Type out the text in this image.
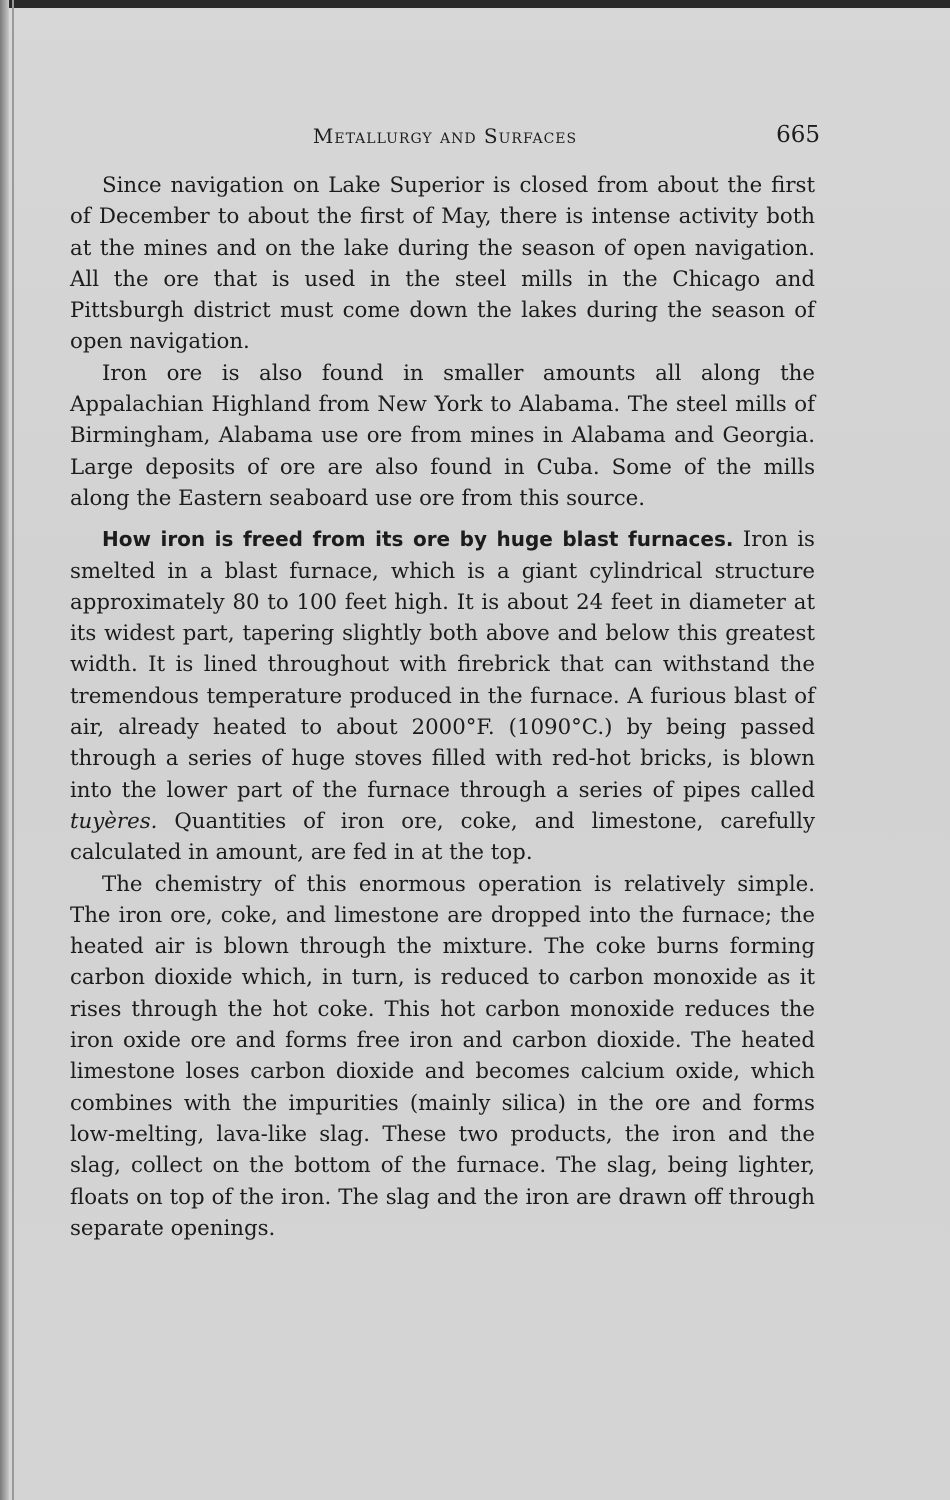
Metallurgy and Surfaces	665

Since navigation on Lake Superior is closed from about the first of December to about the first of May, there is intense activity both at the mines and on the lake during the season of open navigation. All the ore that is used in the steel mills in the Chicago and Pittsburgh district must come down the lakes during the season of open navigation.

Iron ore is also found in smaller amounts all along the Appalachian Highland from New York to Alabama. The steel mills of Birmingham, Alabama use ore from mines in Alabama and Georgia. Large deposits of ore are also found in Cuba. Some of the mills along the Eastern seaboard use ore from this source.

How iron is freed from its ore by huge blast furnaces. Iron is smelted in a blast furnace, which is a giant cylindrical structure approximately 80 to 100 feet high. It is about 24 feet in diameter at its widest part, tapering slightly both above and below this greatest width. It is lined throughout with firebrick that can withstand the tremendous temperature produced in the furnace. A furious blast of air, already heated to about 2000°F. (1090°C.) by being passed through a series of huge stoves filled with red-hot bricks, is blown into the lower part of the furnace through a series of pipes called tuyères. Quantities of iron ore, coke, and limestone, carefully calculated in amount, are fed in at the top.

The chemistry of this enormous operation is relatively simple. The iron ore, coke, and limestone are dropped into the furnace; the heated air is blown through the mixture. The coke burns forming carbon dioxide which, in turn, is reduced to carbon monoxide as it rises through the hot coke. This hot carbon monoxide reduces the iron oxide ore and forms free iron and carbon dioxide. The heated limestone loses carbon dioxide and becomes calcium oxide, which combines with the impurities (mainly silica) in the ore and forms low-melting, lava-like slag. These two products, the iron and the slag, collect on the bottom of the furnace. The slag, being lighter, floats on top of the iron. The slag and the iron are drawn off through separate openings.
